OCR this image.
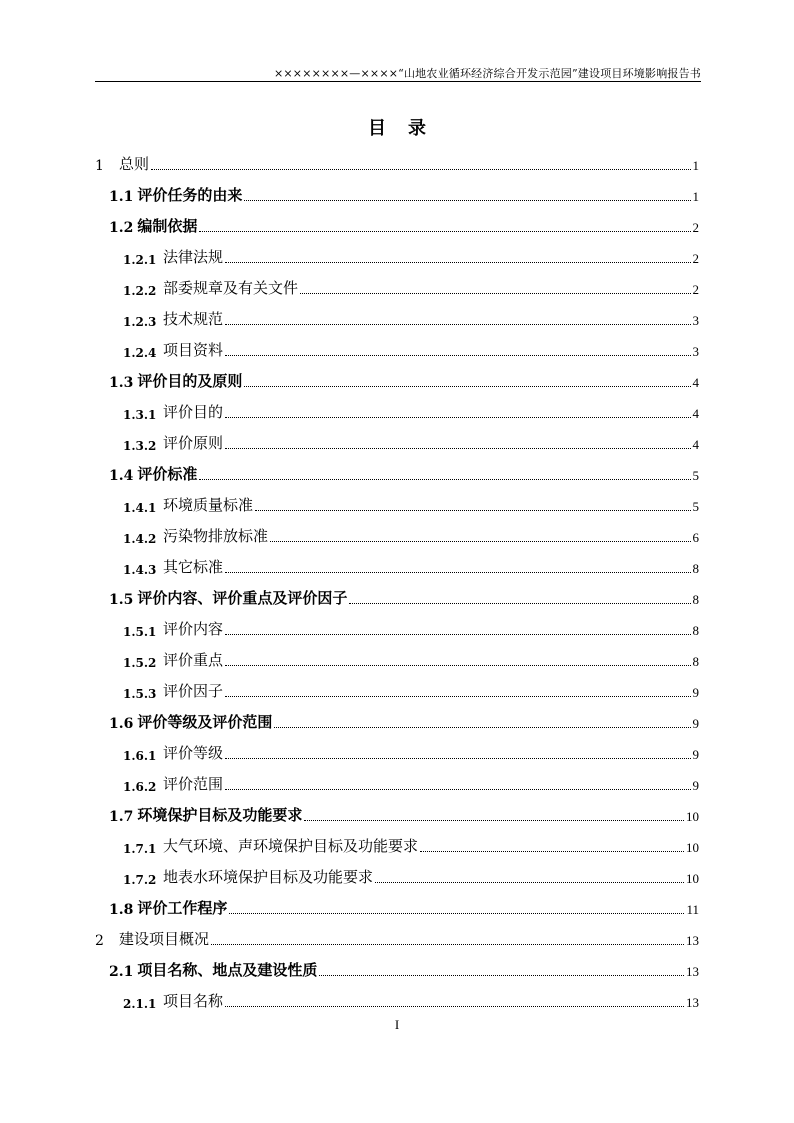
××××××××—××××“山地农业循环经济综合开发示范园”建设项目环境影响报告书
目录
1	总则	1
1.1 评价任务的由来	1
1.2 编制依据	2
1.2.1 法律法规	2
1.2.2 部委规章及有关文件	2
1.2.3 技术规范	3
1.2.4 项目资料	3
1.3 评价目的及原则	4
1.3.1 评价目的	4
1.3.2 评价原则	4
1.4 评价标准	5
1.4.1 环境质量标准	5
1.4.2 污染物排放标准	6
1.4.3 其它标准	8
1.5 评价内容、评价重点及评价因子	8
1.5.1 评价内容	8
1.5.2 评价重点	8
1.5.3 评价因子	9
1.6 评价等级及评价范围	9
1.6.1 评价等级	9
1.6.2 评价范围	9
1.7 环境保护目标及功能要求	10
1.7.1 大气环境、声环境保护目标及功能要求	10
1.7.2 地表水环境保护目标及功能要求	10
1.8 评价工作程序	11
2	建设项目概况	13
2.1 项目名称、地点及建设性质	13
2.1.1 项目名称	13
I
